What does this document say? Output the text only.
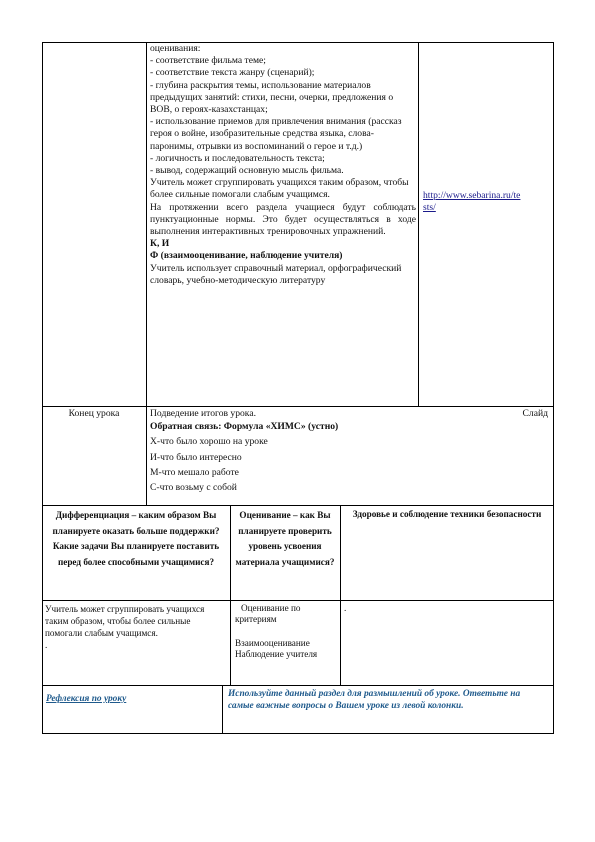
оценивания:

- соответствие фильма теме;

- соответствие текста жанру (сценарий);

- глубина раскрытия темы, использование материалов предыдущих занятий: стихи, песни, очерки, предложения о ВОВ, о героях-казахстанцах;

- использование приемов для привлечения внимания (рассказ героя о войне, изобразительные средства языка, слова-паронимы, отрывки из воспоминаний о герое и т.д.)

- логичность и последовательность текста;

- вывод, содержащий основную мысль фильма.

Учитель может сгруппировать учащихся таким образом, чтобы более сильные помогали слабым учащимся.

На протяжении всего раздела учащиеся будут соблюдать пунктуационные нормы. Это будет осуществляться в ходе выполнения интерактивных тренировочных упражнений.

К, И

Ф (взаимооценивание, наблюдение учителя)

Учитель использует справочный материал, орфографический словарь, учебно-методическую литературу

http://www.sebarina.ru/te

sts/

Конец урока	Подведение итогов урока.

Обратная связь: Формула «ХИМС» (устно)

Х-что было хорошо на уроке

И-что было интересно

М-что мешало работе

С-что возьму с собой

Слайд

Дифференциация – каким образом Вы планируете оказать больше поддержки? Какие задачи Вы планируете поставить перед более способными учащимися?

Оценивание – как Вы планируете проверить уровень усвоения материала учащимися?

Здоровье и соблюдение техники безопасности

Учитель может сгруппировать учащихся таким образом, чтобы более сильные помогали слабым учащимся.

.

Оценивание по критериям

Взаимооценивание

Наблюдение учителя

.

Рефлексия по уроку	Используйте данный раздел для размышлений об уроке. Ответьте на самые важные вопросы о Вашем уроке из левой колонки.
